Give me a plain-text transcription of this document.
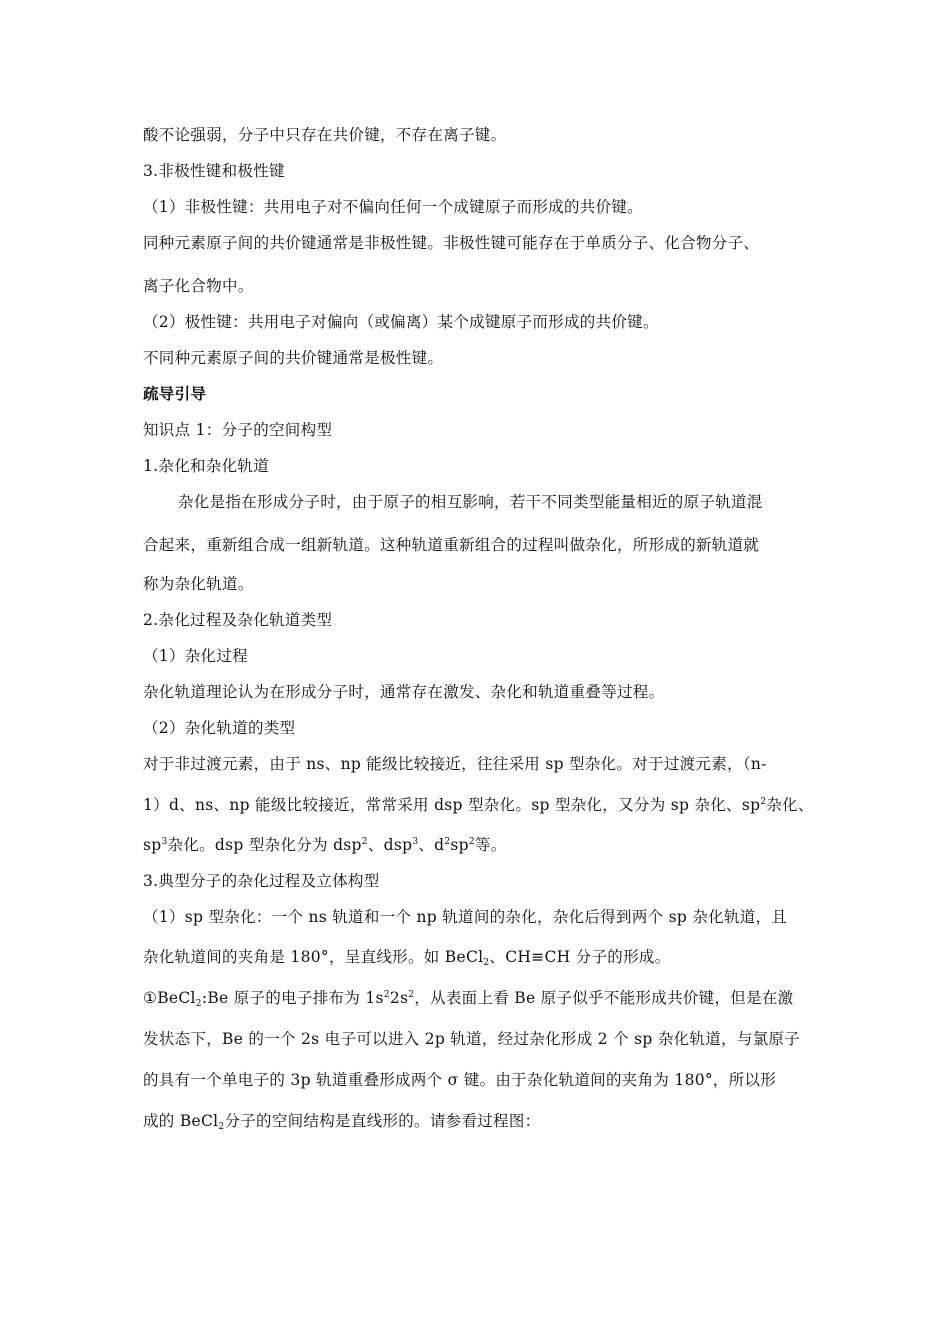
酸不论强弱，分子中只存在共价键，不存在离子键。
3.非极性键和极性键
（1）非极性键：共用电子对不偏向任何一个成键原子而形成的共价键。
同种元素原子间的共价键通常是非极性键。非极性键可能存在于单质分子、化合物分子、
离子化合物中。
（2）极性键：共用电子对偏向（或偏离）某个成键原子而形成的共价键。
不同种元素原子间的共价键通常是极性键。
疏导引导
知识点 1：分子的空间构型
1.杂化和杂化轨道
杂化是指在形成分子时，由于原子的相互影响，若干不同类型能量相近的原子轨道混
合起来，重新组合成一组新轨道。这种轨道重新组合的过程叫做杂化，所形成的新轨道就
称为杂化轨道。
2.杂化过程及杂化轨道类型
（1）杂化过程
杂化轨道理论认为在形成分子时，通常存在激发、杂化和轨道重叠等过程。
（2）杂化轨道的类型
对于非过渡元素，由于 ns、np 能级比较接近，往往采用 sp 型杂化。对于过渡元素，（n-
1）d、ns、np 能级比较接近，常常采用 dsp 型杂化。sp 型杂化，又分为 sp 杂化、$sp^2$杂化、
$sp^3$杂化。dsp 型杂化分为 dsp$^2$、dsp$^3$、$d^2sp^2$等。
3.典型分子的杂化过程及立体构型
（1）sp 型杂化：一个 ns 轨道和一个 np 轨道间的杂化，杂化后得到两个 sp 杂化轨道，且
杂化轨道间的夹角是 180°，呈直线形。如 BeCl$_2$、CH≡CH 分子的形成。
①BeCl$_2$:Be 原子的电子排布为 $1s^22s^2$，从表面上看 Be 原子似乎不能形成共价键，但是在激
发状态下，Be 的一个 2s 电子可以进入 2p 轨道，经过杂化形成 2 个 sp 杂化轨道，与氯原子
的具有一个单电子的 3p 轨道重叠形成两个 σ 键。由于杂化轨道间的夹角为 180°，所以形
成的 BeCl$_2$分子的空间结构是直线形的。请参看过程图：
